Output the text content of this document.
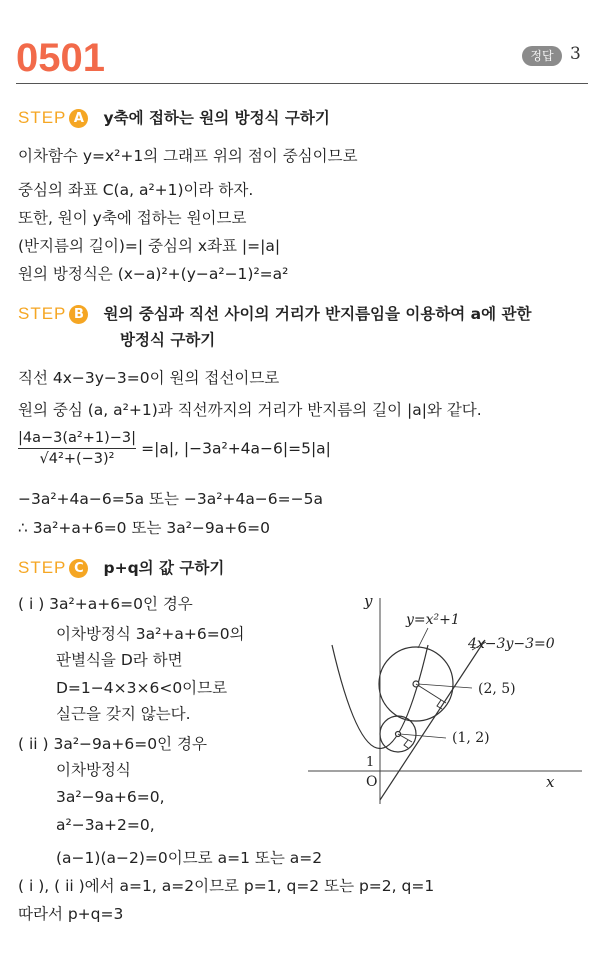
0501	정답 3
STEP A y축에 접하는 원의 방정식 구하기
이차함수 y=x²+1의 그래프 위의 점이 중심이므로
중심의 좌표 C(a, a²+1)이라 하자.
또한, 원이 y축에 접하는 원이므로
(반지름의 길이)=| 중심의 x좌표 |=|a|
원의 방정식은 (x−a)²+(y−a²−1)²=a²
STEP B 원의 중심과 직선 사이의 거리가 반지름임을 이용하여 a에 관한
방정식 구하기
직선 4x−3y−3=0이 원의 접선이므로
원의 중심 (a, a²+1)과 직선까지의 거리가 반지름의 길이 |a|와 같다.
$\frac{\text{|4a−3(a²+1)−3|}}{\text{√4²+(−3)²}} =|a|$, |−3a²+4a−6|=5|a|
−3a²+4a−6=5a 또는 −3a²+4a−6=−5a
∴ 3a²+a+6=0 또는 3a²−9a+6=0
STEP C p+q의 값 구하기
( i ) 3a²+a+6=0인 경우
이차방정식 3a²+a+6=0의
판별식을 D라 하면
D=1−4×3×6<0이므로
실근을 갖지 않는다.
( ii ) 3a²−9a+6=0인 경우
이차방정식
3a²−9a+6=0,
a²−3a+2=0,
(a−1)(a−2)=0이므로 a=1 또는 a=2
( i ), ( ii )에서 a=1, a=2이므로 p=1, q=2 또는 p=2, q=1
따라서 p+q=3
y
x
O
1
y=x²+1
4x−3y−3=0
(2, 5)
(1, 2)
